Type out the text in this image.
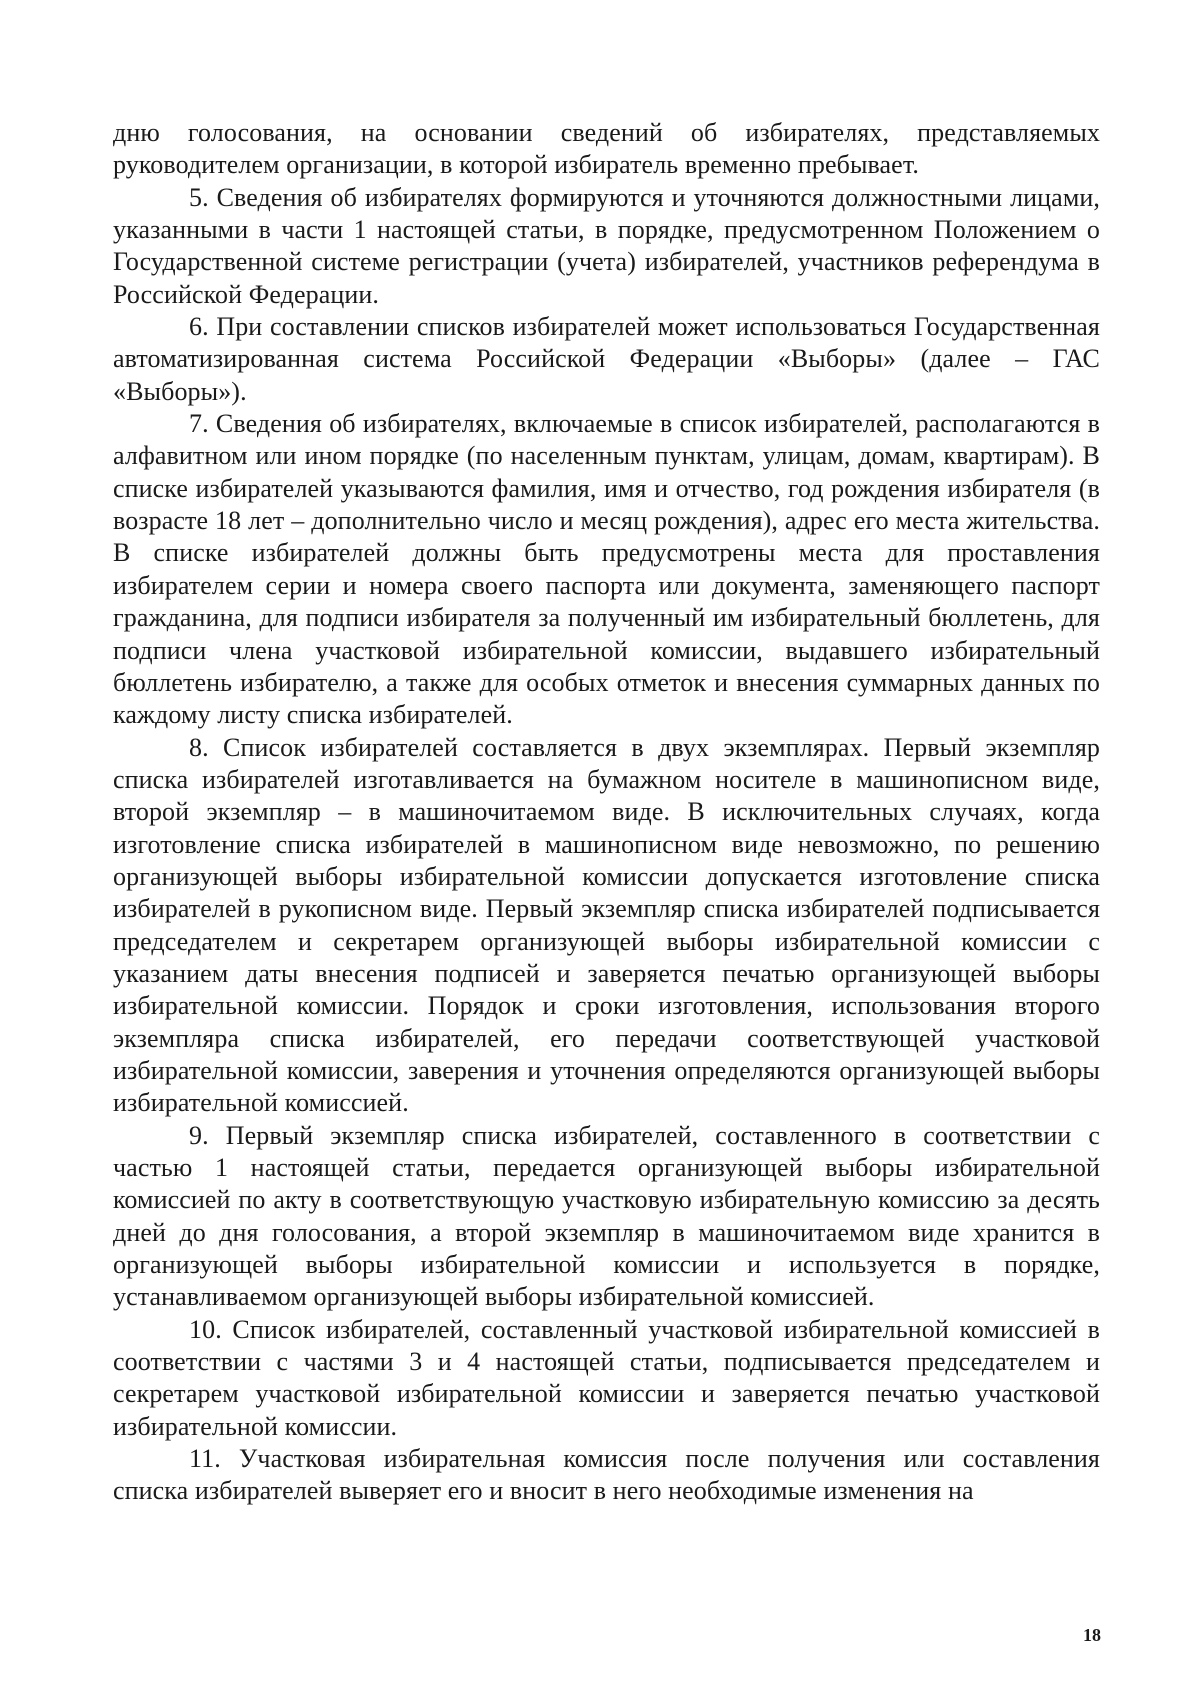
дню голосования, на основании сведений об избирателях, представляемых руководителем организации, в которой избиратель временно пребывает.

5. Сведения об избирателях формируются и уточняются должностными лицами, указанными в части 1 настоящей статьи, в порядке, предусмотренном Положением о Государственной системе регистрации (учета) избирателей, участников референдума в Российской Федерации.

6. При составлении списков избирателей может использоваться Государственная автоматизированная система Российской Федерации «Выборы» (далее – ГАС «Выборы»).

7. Сведения об избирателях, включаемые в список избирателей, располагаются в алфавитном или ином порядке (по населенным пунктам, улицам, домам, квартирам). В списке избирателей указываются фамилия, имя и отчество, год рождения избирателя (в возрасте 18 лет – дополнительно число и месяц рождения), адрес его места жительства. В списке избирателей должны быть предусмотрены места для проставления избирателем серии и номера своего паспорта или документа, заменяющего паспорт гражданина, для подписи избирателя за полученный им избирательный бюллетень, для подписи члена участковой избирательной комиссии, выдавшего избирательный бюллетень избирателю, а также для особых отметок и внесения суммарных данных по каждому листу списка избирателей.

8. Список избирателей составляется в двух экземплярах. Первый экземпляр списка избирателей изготавливается на бумажном носителе в машинописном виде, второй экземпляр – в машиночитаемом виде. В исключительных случаях, когда изготовление списка избирателей в машинописном виде невозможно, по решению организующей выборы избирательной комиссии допускается изготовление списка избирателей в рукописном виде. Первый экземпляр списка избирателей подписывается председателем и секретарем организующей выборы избирательной комиссии с указанием даты внесения подписей и заверяется печатью организующей выборы избирательной комиссии. Порядок и сроки изготовления, использования второго экземпляра списка избирателей, его передачи соответствующей участковой избирательной комиссии, заверения и уточнения определяются организующей выборы избирательной комиссией.

9. Первый экземпляр списка избирателей, составленного в соответствии с частью 1 настоящей статьи, передается организующей выборы избирательной комиссией по акту в соответствующую участковую избирательную комиссию за десять дней до дня голосования, а второй экземпляр в машиночитаемом виде хранится в организующей выборы избирательной комиссии и используется в порядке, устанавливаемом организующей выборы избирательной комиссией.

10. Список избирателей, составленный участковой избирательной комиссией в соответствии с частями 3 и 4 настоящей статьи, подписывается председателем и секретарем участковой избирательной комиссии и заверяется печатью участковой избирательной комиссии.

11. Участковая избирательная комиссия после получения или составления списка избирателей выверяет его и вносит в него необходимые изменения на

18
